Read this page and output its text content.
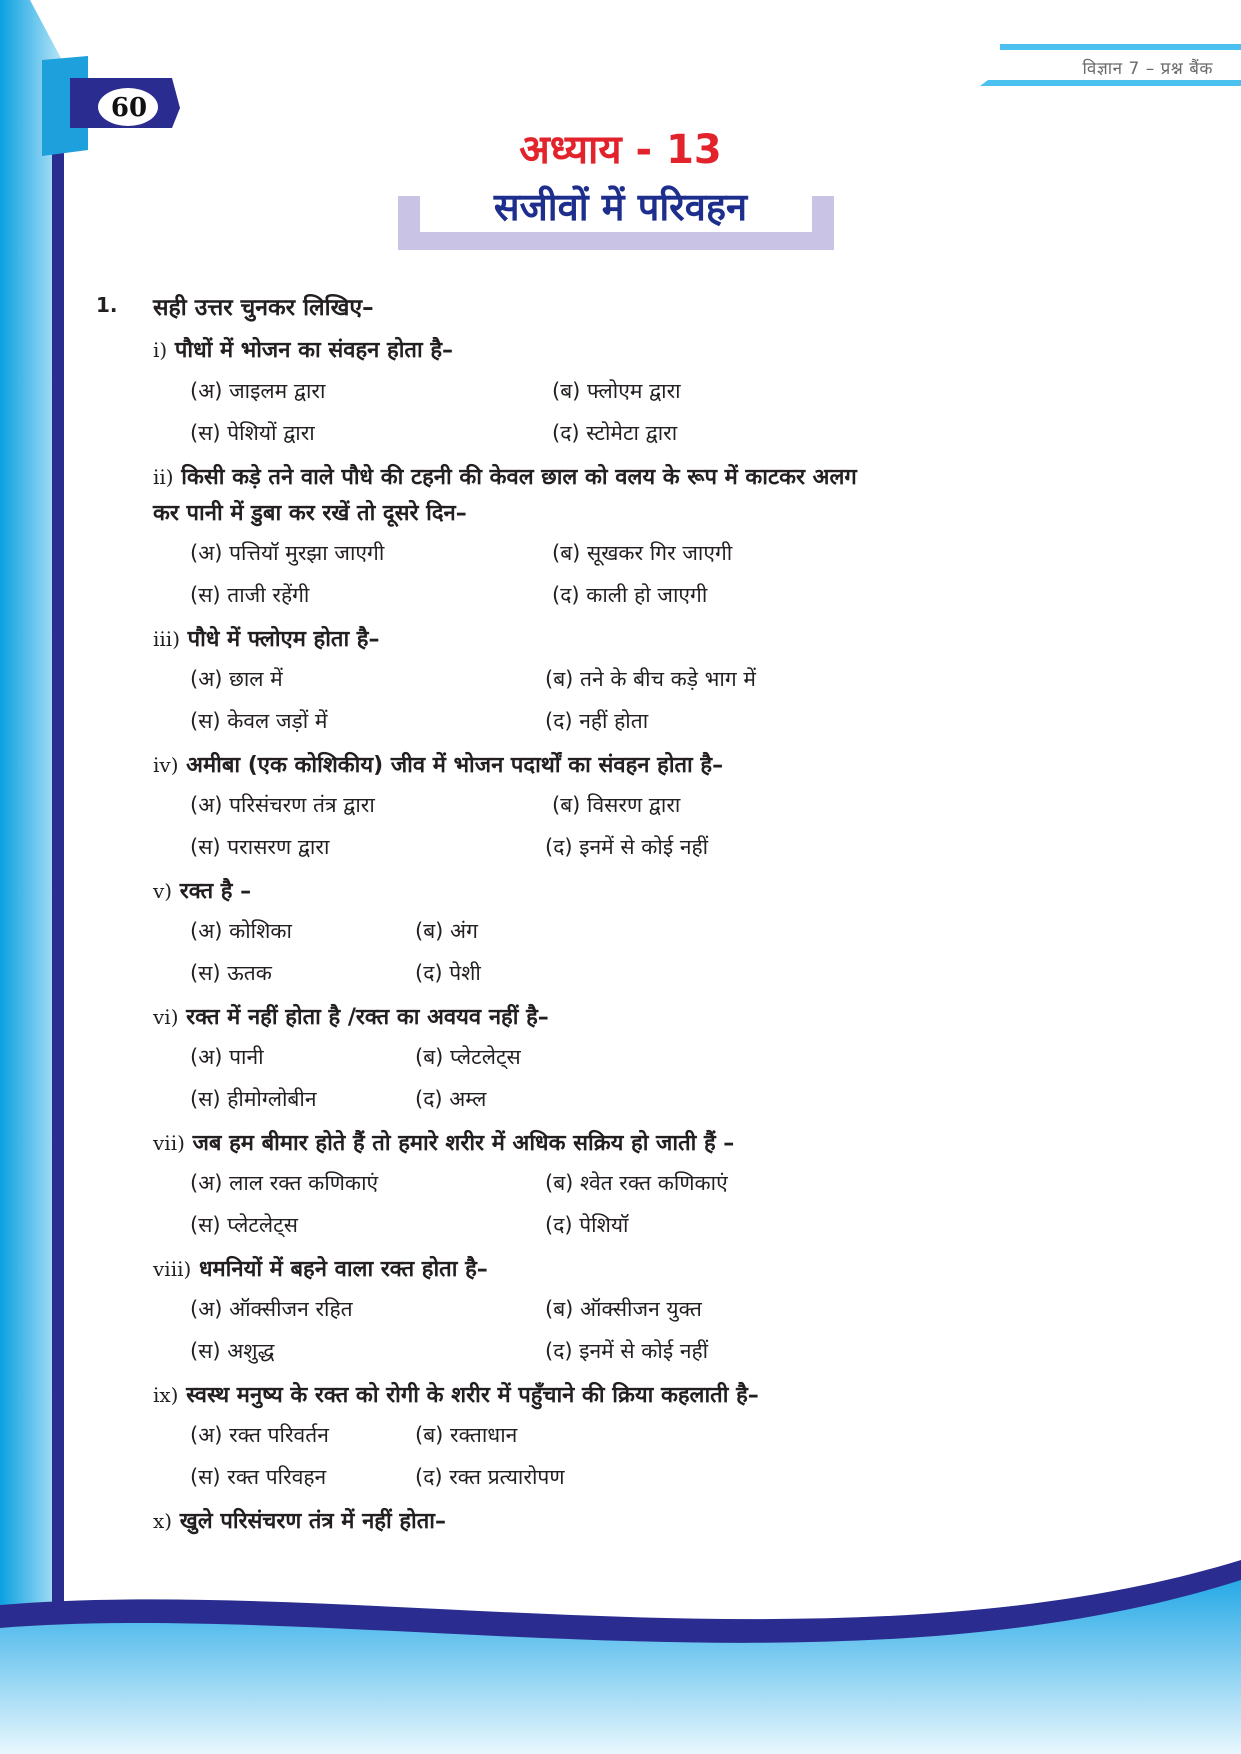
60
विज्ञान 7 – प्रश्न बैंक
अध्याय - 13
सजीवों में परिवहन
1. सही उत्तर चुनकर लिखिए–
i) पौधों में भोजन का संवहन होता है–
(अ) जाइलम द्वारा	(ब) फ्लोएम द्वारा
(स) पेशियों द्वारा	(द) स्टोमेटा द्वारा
ii) किसी कड़े तने वाले पौधे की टहनी की केवल छाल को वलय के रूप में काटकर अलग
कर पानी में डुबा कर रखें तो दूसरे दिन–
(अ) पत्तियॉ मुरझा जाएगी	(ब) सूखकर गिर जाएगी
(स) ताजी रहेंगी	(द) काली हो जाएगी
iii) पौधे में फ्लोएम होता है–
(अ) छाल में	(ब) तने के बीच कड़े भाग में
(स) केवल जड़ों में	(द) नहीं होता
iv) अमीबा (एक कोशिकीय) जीव में भोजन पदार्थों का संवहन होता है–
(अ) परिसंचरण तंत्र द्वारा	(ब) विसरण द्वारा
(स) परासरण द्वारा	(द) इनमें से कोई नहीं
v) रक्त है –
(अ) कोशिका	(ब) अंग
(स) ऊतक	(द) पेशी
vi) रक्त में नहीं होता है /रक्त का अवयव नहीं है–
(अ) पानी	(ब) प्लेटलेट्स
(स) हीमोग्लोबीन	(द) अम्ल
vii) जब हम बीमार होते हैं तो हमारे शरीर में अधिक सक्रिय हो जाती हैं –
(अ) लाल रक्त कणिकाएं	(ब) श्वेत रक्त कणिकाएं
(स) प्लेटलेट्स	(द) पेशियॉ
viii) धमनियों में बहने वाला रक्त होता है–
(अ) ऑक्सीजन रहित	(ब) ऑक्सीजन युक्त
(स) अशुद्ध	(द) इनमें से कोई नहीं
ix) स्वस्थ मनुष्य के रक्त को रोगी के शरीर में पहुँचाने की क्रिया कहलाती है–
(अ) रक्त परिवर्तन	(ब) रक्ताधान
(स) रक्त परिवहन	(द) रक्त प्रत्यारोपण
x) खुले परिसंचरण तंत्र में नहीं होता–
